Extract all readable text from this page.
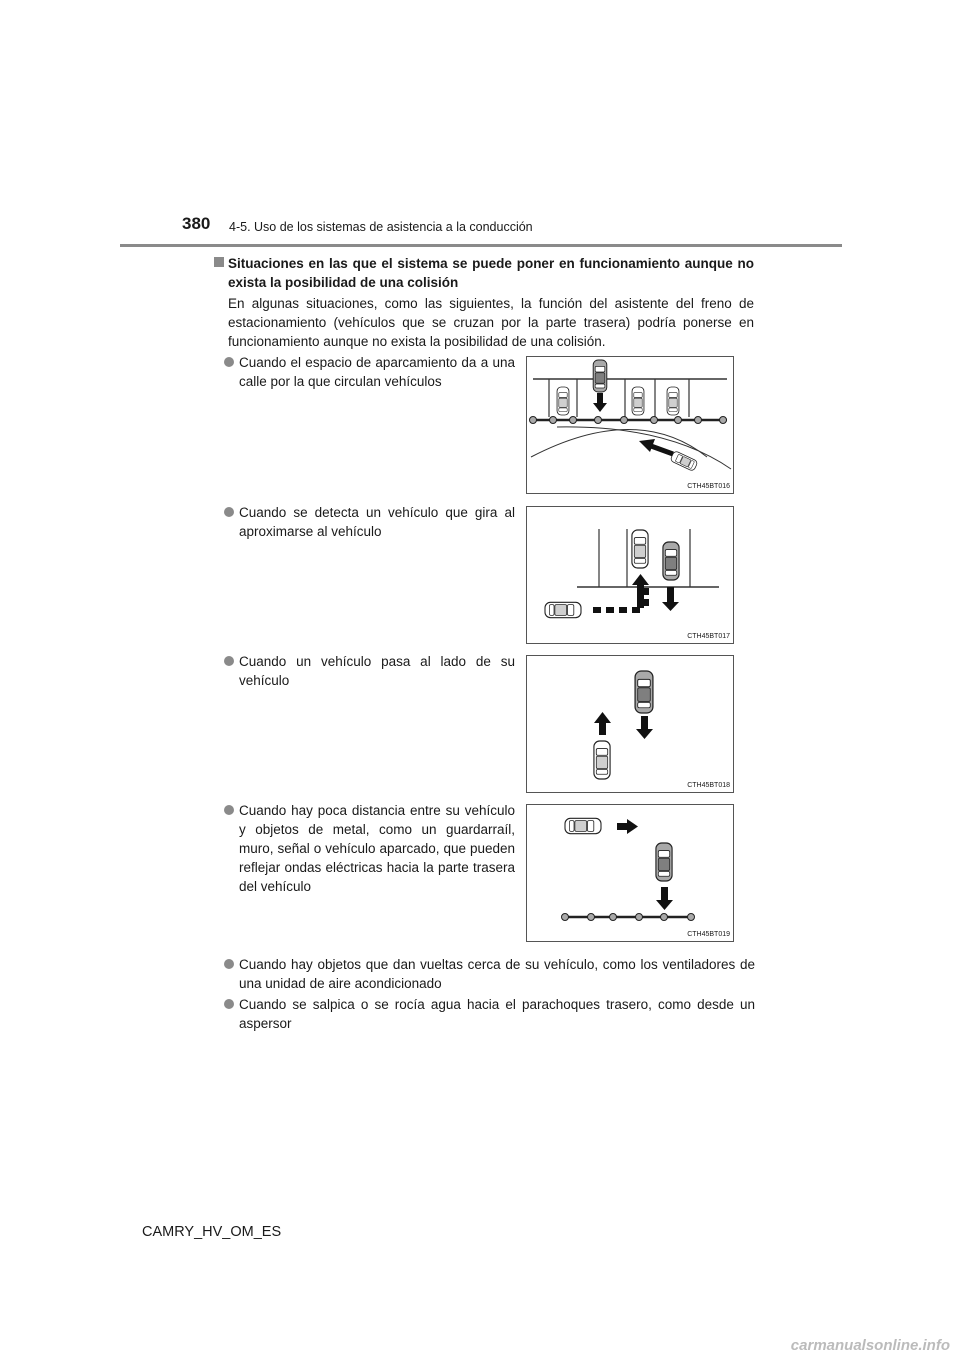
380 4-5. Uso de los sistemas de asistencia a la conducción
Situaciones en las que el sistema se puede poner en funcionamiento aunque no exista la posibilidad de una colisión
En algunas situaciones, como las siguientes, la función del asistente del freno de estacionamiento (vehículos que se cruzan por la parte trasera) podría ponerse en funcionamiento aunque no exista la posibilidad de una colisión.
Cuando el espacio de aparcamiento da a una calle por la que circulan vehículos
Cuando se detecta un vehículo que gira al aproximarse al vehículo
Cuando un vehículo pasa al lado de su vehículo
Cuando hay poca distancia entre su vehículo y objetos de metal, como un guardarraíl, muro, señal o vehículo aparcado, que pueden reflejar ondas eléctricas hacia la parte trasera del vehículo
Cuando hay objetos que dan vueltas cerca de su vehículo, como los ventiladores de una unidad de aire acondicionado
Cuando se salpica o se rocía agua hacia el parachoques trasero, como desde un aspersor
CTH45BT016
CTH45BT017
CTH45BT018
CTH45BT019
CAMRY_HV_OM_ES
carmanualsonline.info
